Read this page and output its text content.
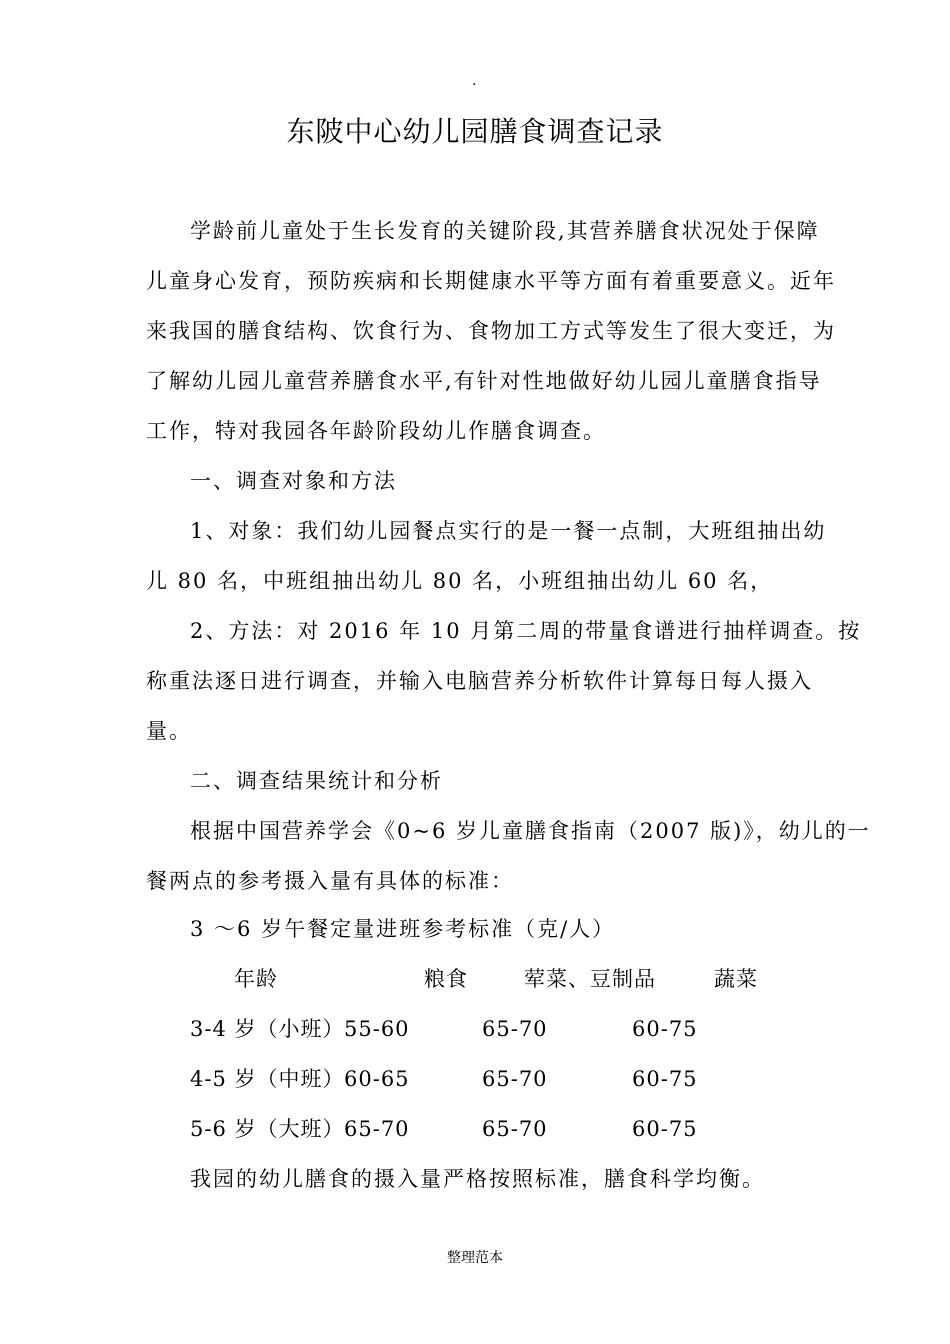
.
东陂中心幼儿园膳食调查记录
学龄前儿童处于生长发育的关键阶段,其营养膳食状况处于保障
儿童身心发育，预防疾病和长期健康水平等方面有着重要意义。近年
来我国的膳食结构、饮食行为、食物加工方式等发生了很大变迁，为
了解幼儿园儿童营养膳食水平,有针对性地做好幼儿园儿童膳食指导
工作，特对我园各年龄阶段幼儿作膳食调查。
一、调查对象和方法
1、对象：我们幼儿园餐点实行的是一餐一点制，大班组抽出幼
儿 80 名，中班组抽出幼儿 80 名，小班组抽出幼儿 60 名，
2、方法：对 2016 年 10 月第二周的带量食谱进行抽样调查。按
称重法逐日进行调查，并输入电脑营养分析软件计算每日每人摄入
量。
二、调查结果统计和分析
根据中国营养学会《0~6 岁儿童膳食指南（2007 版)》，幼儿的一
餐两点的参考摄入量有具体的标准：
3 ～6 岁午餐定量进班参考标准（克/人）
年龄	粮食	荤菜、豆制品	蔬菜
3-4 岁（小班） 55-60	65-70	60-75
4-5 岁（中班） 60-65	65-70	60-75
5-6 岁（大班） 65-70	65-70	60-75
我园的幼儿膳食的摄入量严格按照标准，膳食科学均衡。
整理范本
